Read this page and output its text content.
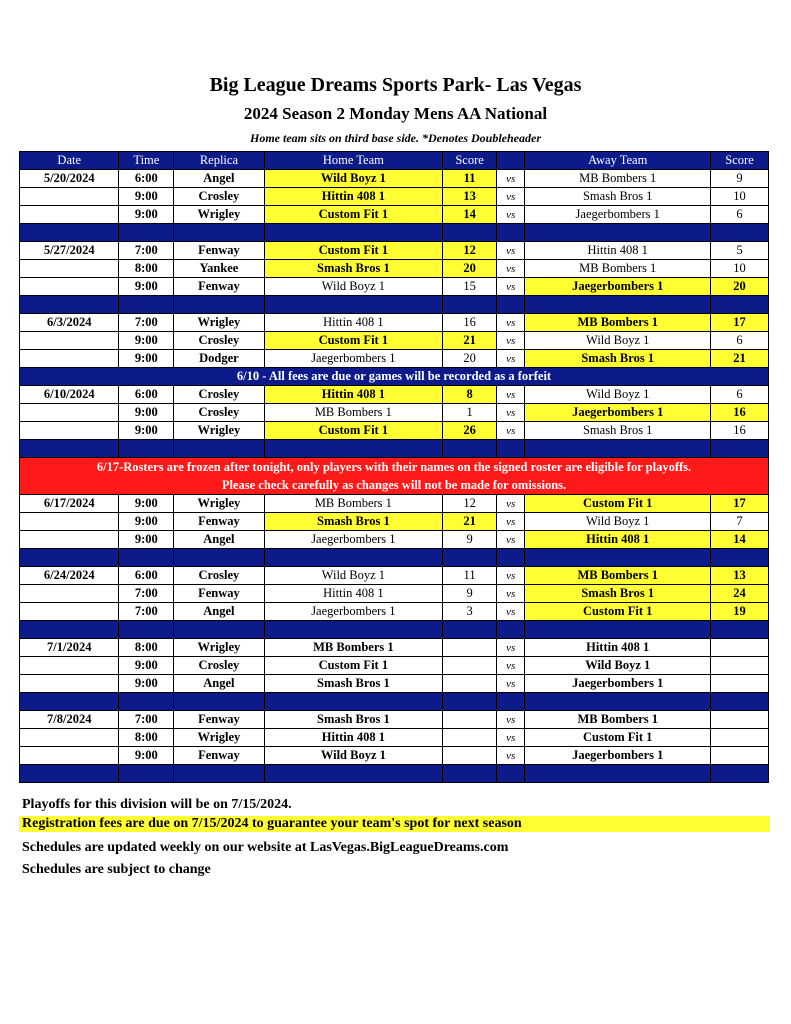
Big League Dreams Sports Park- Las Vegas
2024 Season 2 Monday Mens AA National
Home team sits on third base side. *Denotes Doubleheader
Date	Time	Replica	Home Team	Score		Away Team	Score
5/20/2024	6:00	Angel	Wild Boyz 1	11	vs	MB Bombers 1	9
	9:00	Crosley	Hittin 408 1	13	vs	Smash Bros 1	10
	9:00	Wrigley	Custom Fit 1	14	vs	Jaegerbombers 1	6

5/27/2024	7:00	Fenway	Custom Fit 1	12	vs	Hittin 408 1	5
	8:00	Yankee	Smash Bros 1	20	vs	MB Bombers 1	10
	9:00	Fenway	Wild Boyz 1	15	vs	Jaegerbombers 1	20

6/3/2024	7:00	Wrigley	Hittin 408 1	16	vs	MB Bombers 1	17
	9:00	Crosley	Custom Fit 1	21	vs	Wild Boyz 1	6
	9:00	Dodger	Jaegerbombers 1	20	vs	Smash Bros 1	21
6/10 - All fees are due or games will be recorded as a forfeit							
6/10/2024	6:00	Crosley	Hittin 408 1	8	vs	Wild Boyz 1	6
	9:00	Crosley	MB Bombers 1	1	vs	Jaegerbombers 1	16
	9:00	Wrigley	Custom Fit 1	26	vs	Smash Bros 1	16

6/17-Rosters are frozen after tonight, only players with their names on the signed roster are eligible for playoffs.
Please check carefully as changes will not be made for omissions.							

6/17/2024	9:00	Wrigley	MB Bombers 1	12	vs	Custom Fit 1	17
	9:00	Fenway	Smash Bros 1	21	vs	Wild Boyz 1	7
	9:00	Angel	Jaegerbombers 1	9	vs	Hittin 408 1	14

6/24/2024	6:00	Crosley	Wild Boyz 1	11	vs	MB Bombers 1	13
	7:00	Fenway	Hittin 408 1	9	vs	Smash Bros 1	24
	7:00	Angel	Jaegerbombers 1	3	vs	Custom Fit 1	19

7/1/2024	8:00	Wrigley	MB Bombers 1		vs	Hittin 408 1	
	9:00	Crosley	Custom Fit 1		vs	Wild Boyz 1	
	9:00	Angel	Smash Bros 1		vs	Jaegerbombers 1	

7/8/2024	7:00	Fenway	Smash Bros 1		vs	MB Bombers 1	
	8:00	Wrigley	Hittin 408 1		vs	Custom Fit 1	
	9:00	Fenway	Wild Boyz 1		vs	Jaegerbombers 1	

Playoffs for this division will be on 7/15/2024.
Registration fees are due on 7/15/2024 to guarantee your team's spot for next season
Schedules are updated weekly on our website at LasVegas.BigLeagueDreams.com
Schedules are subject to change
